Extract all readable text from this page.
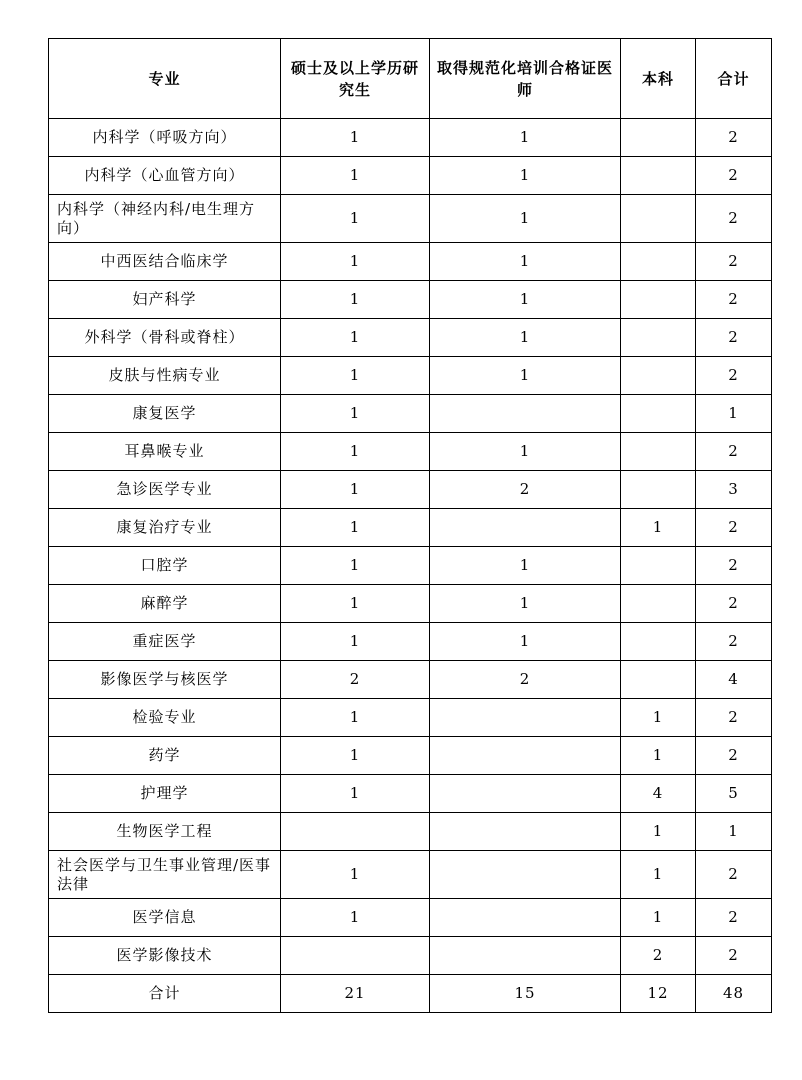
专业	硕士及以上学历研究生	取得规范化培训合格证医师	本科	合计
内科学（呼吸方向）	1	1		2
内科学（心血管方向）	1	1		2
内科学（神经内科/电生理方向）	1	1		2
中西医结合临床学	1	1		2
妇产科学	1	1		2
外科学（骨科或脊柱）	1	1		2
皮肤与性病专业	1	1		2
康复医学	1			1
耳鼻喉专业	1	1		2
急诊医学专业	1	2		3
康复治疗专业	1		1	2
口腔学	1	1		2
麻醉学	1	1		2
重症医学	1	1		2
影像医学与核医学	2	2		4
检验专业	1		1	2
药学	1		1	2
护理学	1		4	5
生物医学工程			1	1
社会医学与卫生事业管理/医事法律	1		1	2
医学信息	1		1	2
医学影像技术			2	2
合计	21	15	12	48
